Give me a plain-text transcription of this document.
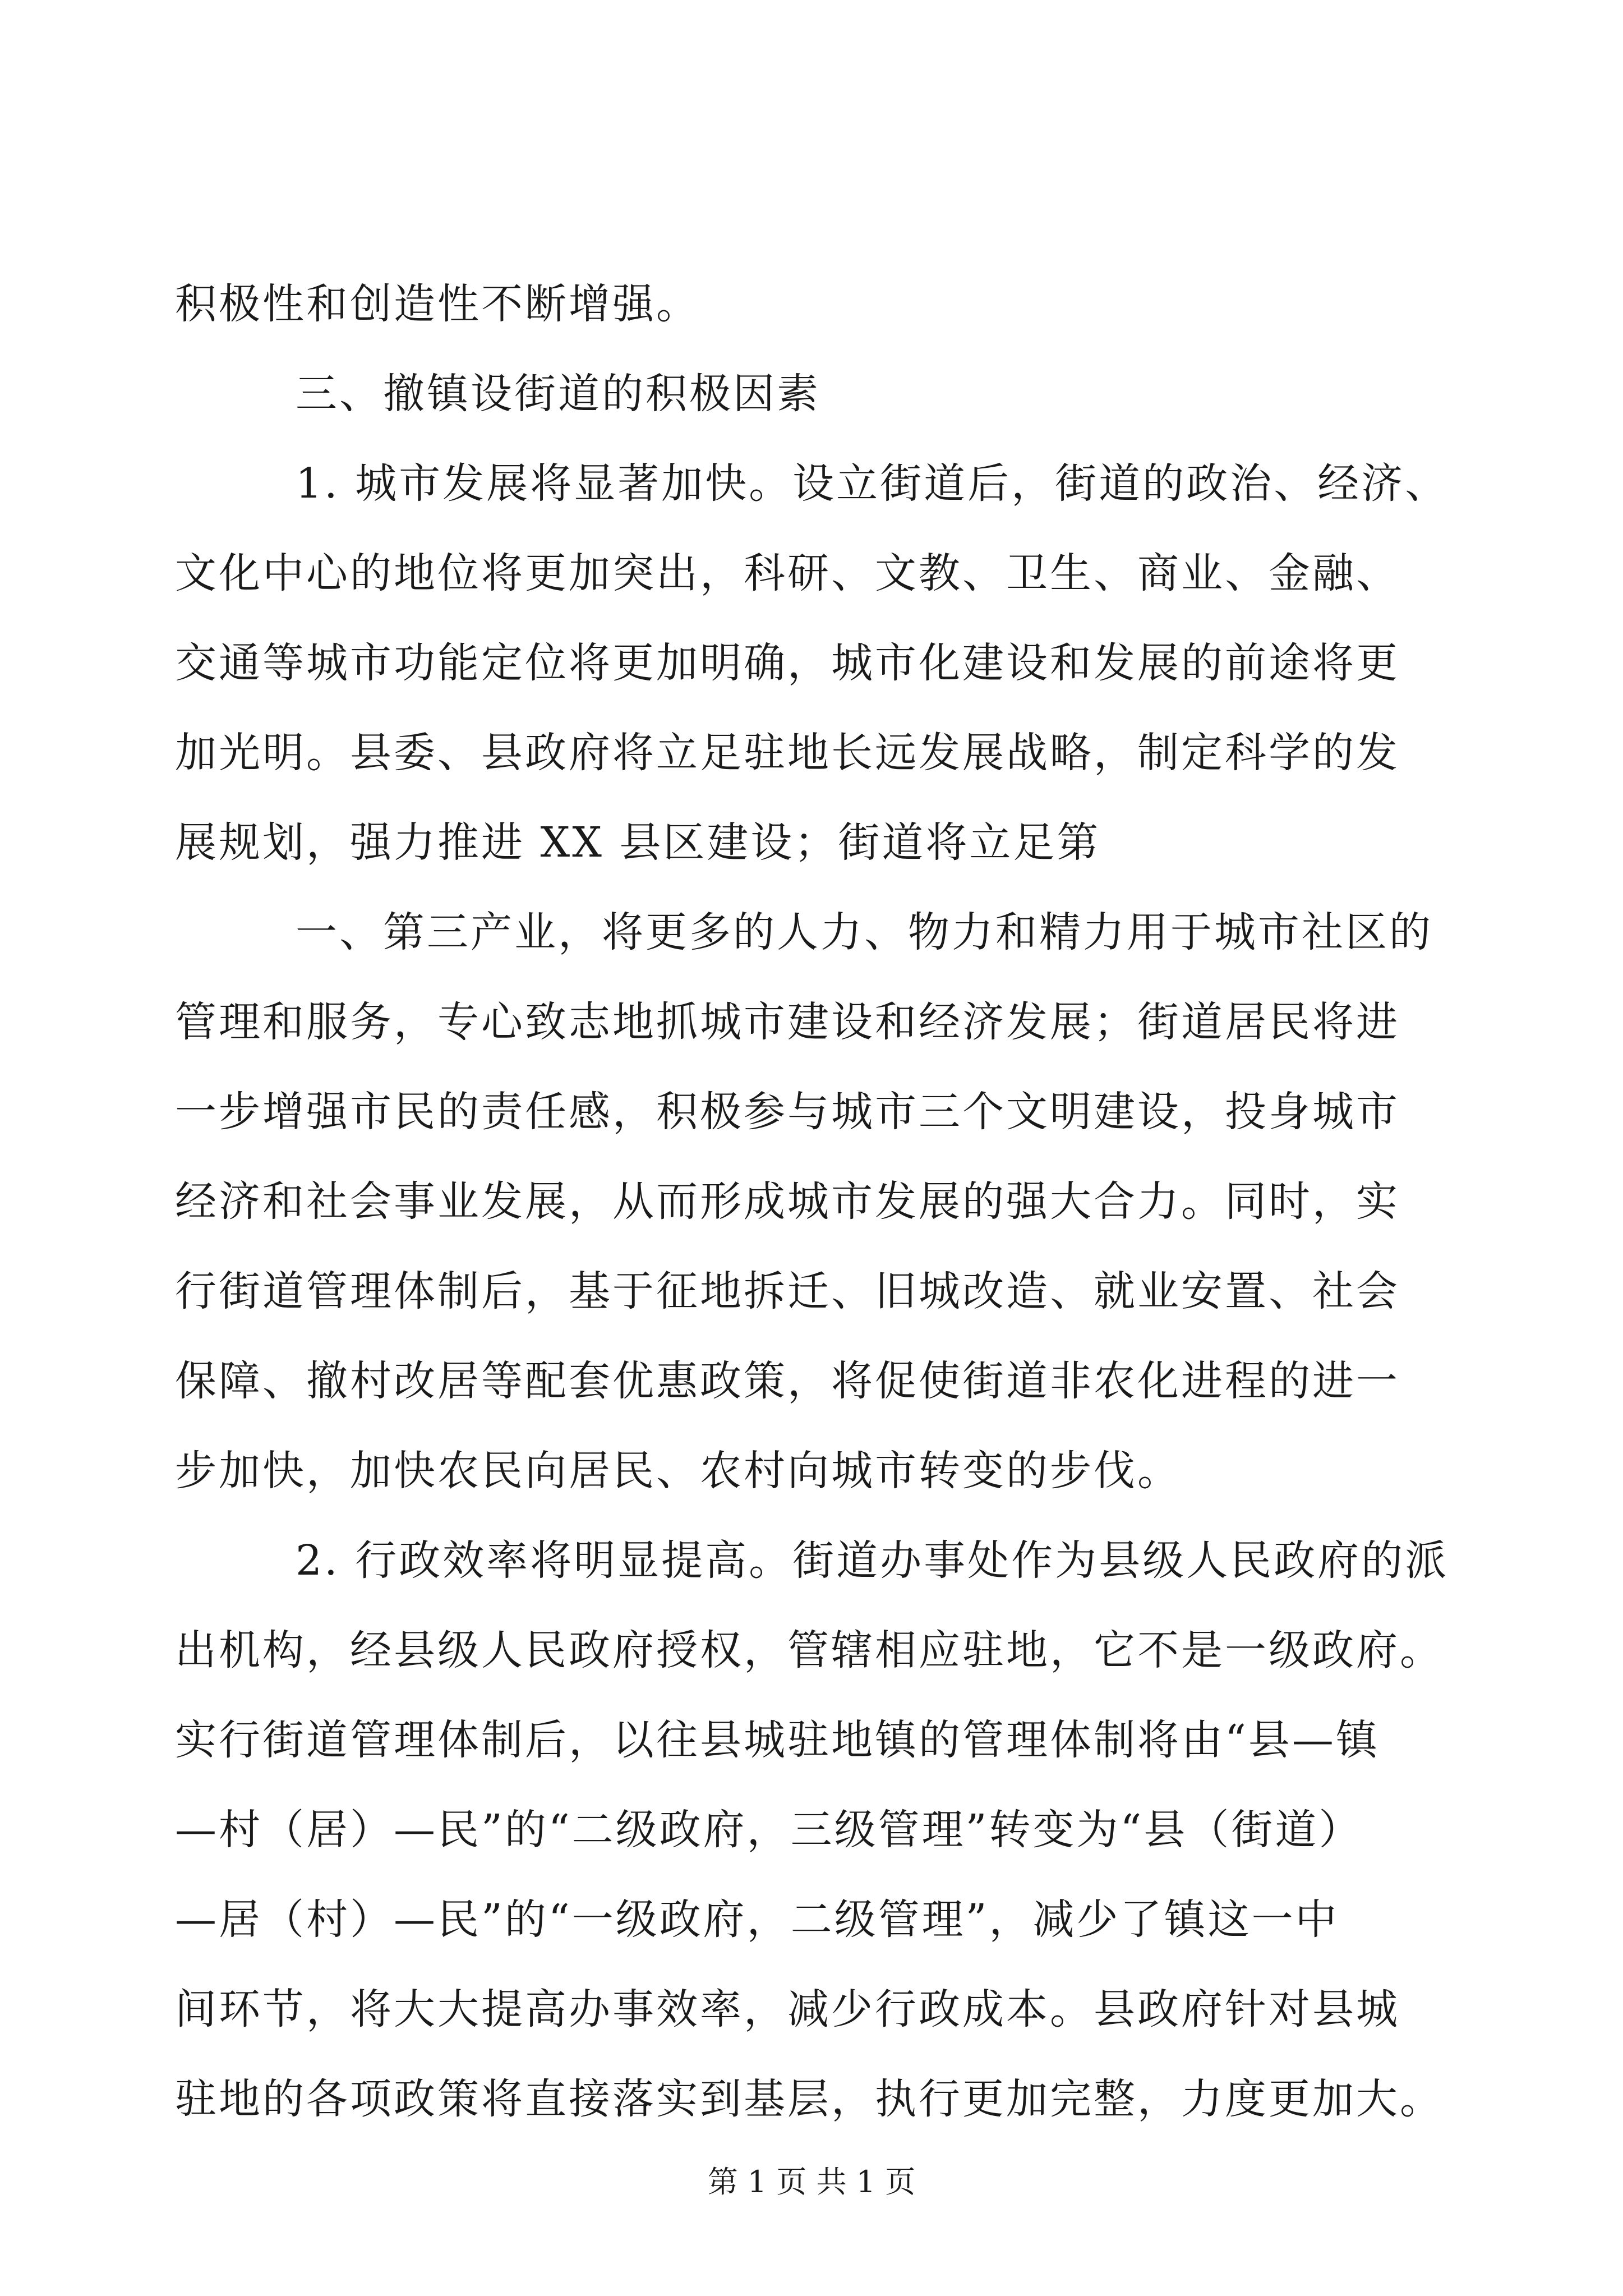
积极性和创造性不断增强。
三、撤镇设街道的积极因素
1. 城市发展将显著加快。设立街道后，街道的政治、经济、
文化中心的地位将更加突出，科研、文教、卫生、商业、金融、
交通等城市功能定位将更加明确，城市化建设和发展的前途将更
加光明。县委、县政府将立足驻地长远发展战略，制定科学的发
展规划，强力推进 XX 县区建设；街道将立足第
一、第三产业，将更多的人力、物力和精力用于城市社区的
管理和服务，专心致志地抓城市建设和经济发展；街道居民将进
一步增强市民的责任感，积极参与城市三个文明建设，投身城市
经济和社会事业发展，从而形成城市发展的强大合力。同时，实
行街道管理体制后，基于征地拆迁、旧城改造、就业安置、社会
保障、撤村改居等配套优惠政策，将促使街道非农化进程的进一
步加快，加快农民向居民、农村向城市转变的步伐。
2. 行政效率将明显提高。街道办事处作为县级人民政府的派
出机构，经县级人民政府授权，管辖相应驻地，它不是一级政府。
实行街道管理体制后，以往县城驻地镇的管理体制将由“县—镇
—村（居）—民”的“二级政府，三级管理”转变为“县（街道）
—居（村）—民”的“一级政府，二级管理”，减少了镇这一中
间环节，将大大提高办事效率，减少行政成本。县政府针对县城
驻地的各项政策将直接落实到基层，执行更加完整，力度更加大。
第 1 页 共 1 页
